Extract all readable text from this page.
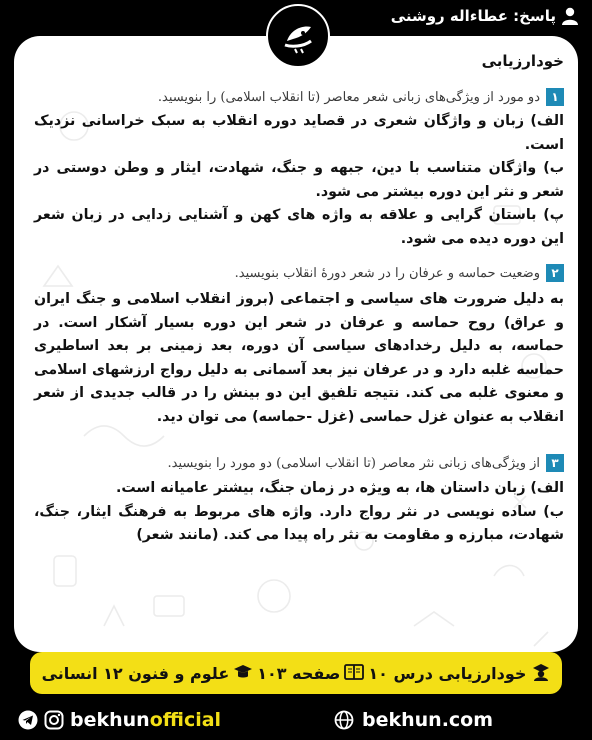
پاسخ: عطاءاله روشنی
خودارزیابی
۱
دو مورد از ویژگی‌های زبانی شعر معاصر (تا انقلاب اسلامی) را بنویسید.

الف) زبان و واژگان شعری در قصاید دوره انقلاب به سبک خراسانی نزدیک است.

ب) واژگان متناسب با دین، جبهه و جنگ، شهادت، ایثار و وطن دوستی در شعر و نثر این دوره بیشتر می شود.

پ) باستان گرایی و علاقه به واژه های کهن و آشنایی زدایی در زبان شعر این دوره دیده می شود.

۲
وضعیت حماسه و عرفان را در شعر دورهٔ انقلاب بنویسید.

به دلیل ضرورت های سیاسی و اجتماعی (بروز انقلاب اسلامی و جنگ ایران و عراق) روح حماسه و عرفان در شعر این دوره بسیار آشکار است. در حماسه، به دلیل رخدادهای سیاسی آن دوره، بعد زمینی بر بعد اساطیری حماسه غلبه دارد و در عرفان نیز بعد آسمانی به دلیل رواج ارزشهای اسلامی و معنوی غلبه می کند. نتیجه تلفیق این دو بینش را در قالب جدیدی از شعر انقلاب به عنوان غزل حماسی (غزل -حماسه) می توان دید.

۳
از ویژگی‌های زبانی نثر معاصر (تا انقلاب اسلامی) دو مورد را بنویسید.

الف) زبان داستان ها، به ویژه در زمان جنگ، بیشتر عامیانه است.

ب) ساده نویسی در نثر رواج دارد. واژه های مربوط به فرهنگ ایثار، جنگ، شهادت، مبارزه و مقاومت به نثر راه پیدا می کند. (مانند شعر)

خودارزیابی درس ۱۰
صفحه ۱۰۳
علوم و فنون ۱۲ انسانی
bekhun official	bekhun.com
